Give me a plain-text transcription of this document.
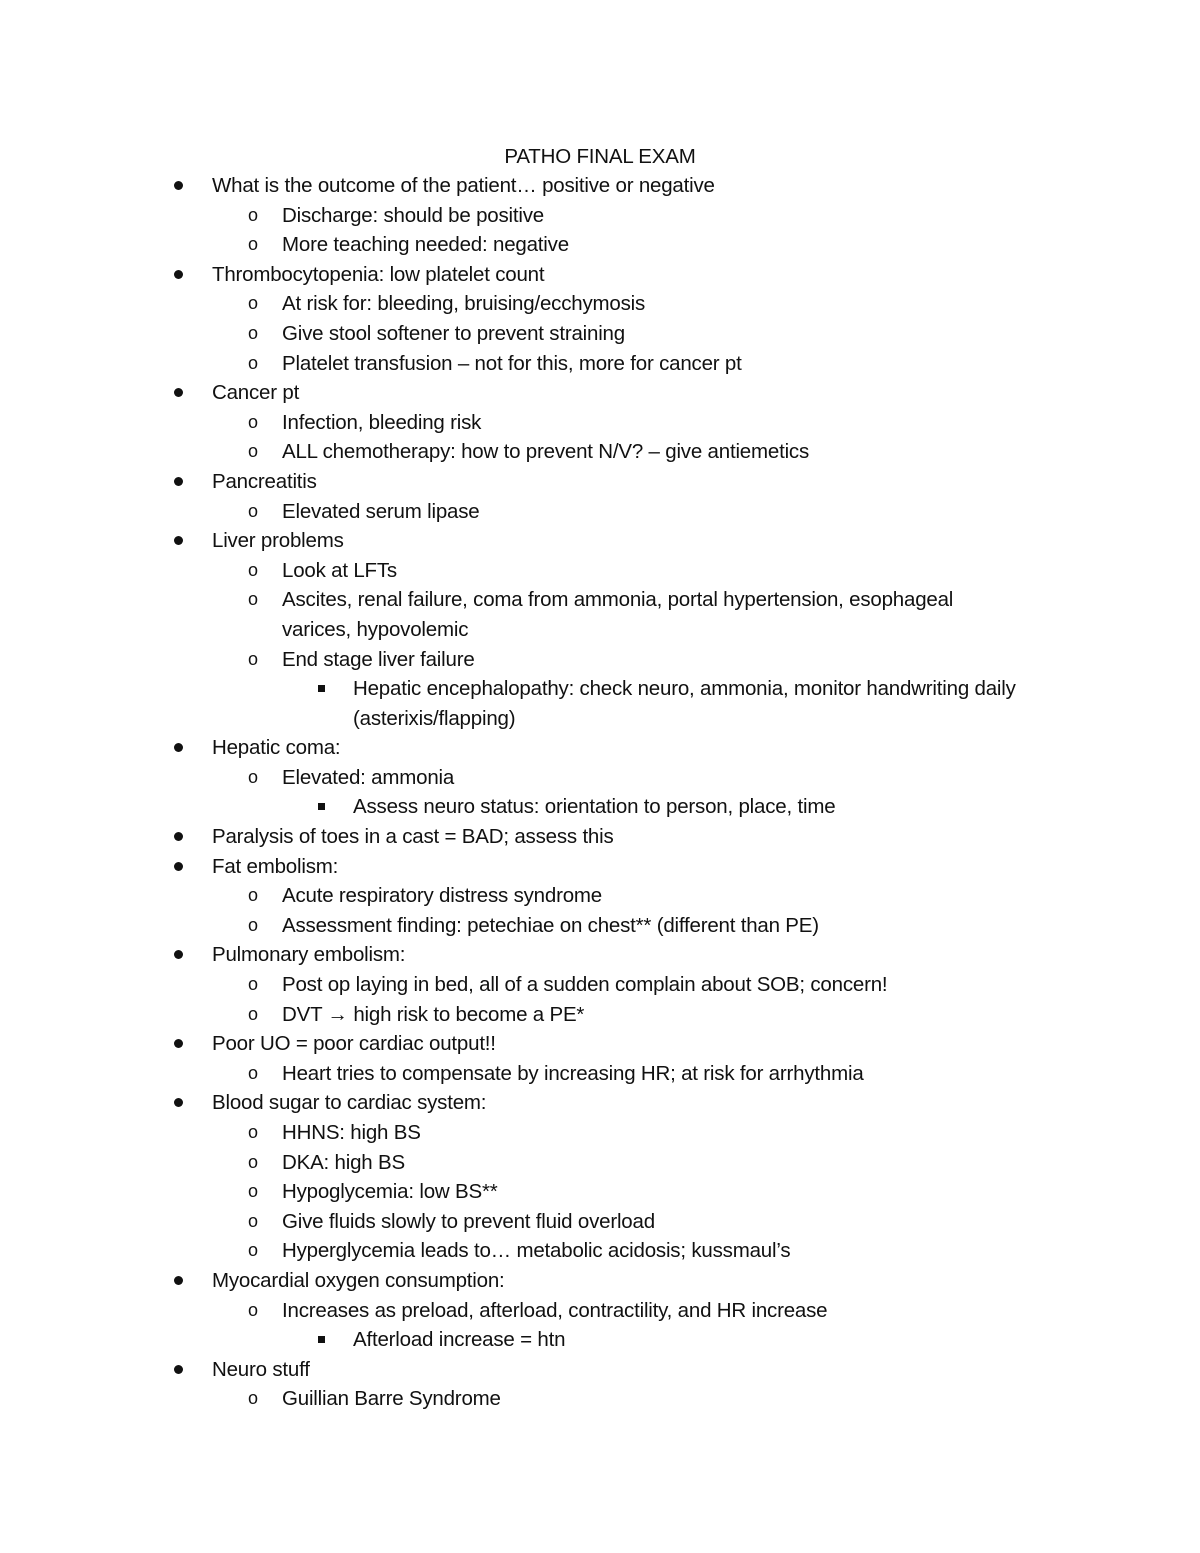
PATHO FINAL EXAM
What is the outcome of the patient… positive or negative
o Discharge: should be positive
o More teaching needed: negative
Thrombocytopenia: low platelet count
o At risk for: bleeding, bruising/ecchymosis
o Give stool softener to prevent straining
o Platelet transfusion – not for this, more for cancer pt
Cancer pt
o Infection, bleeding risk
o ALL chemotherapy: how to prevent N/V? – give antiemetics
Pancreatitis
o Elevated serum lipase
Liver problems
o Look at LFTs
o Ascites, renal failure, coma from ammonia, portal hypertension, esophageal varices, hypovolemic
o End stage liver failure
Hepatic encephalopathy: check neuro, ammonia, monitor handwriting daily (asterixis/flapping)
Hepatic coma:
o Elevated: ammonia
Assess neuro status: orientation to person, place, time
Paralysis of toes in a cast = BAD; assess this
Fat embolism:
o Acute respiratory distress syndrome
o Assessment finding: petechiae on chest** (different than PE)
Pulmonary embolism:
o Post op laying in bed, all of a sudden complain about SOB; concern!
o DVT → high risk to become a PE*
Poor UO = poor cardiac output!!
o Heart tries to compensate by increasing HR; at risk for arrhythmia
Blood sugar to cardiac system:
o HHNS: high BS
o DKA: high BS
o Hypoglycemia: low BS**
o Give fluids slowly to prevent fluid overload
o Hyperglycemia leads to… metabolic acidosis; kussmaul’s
Myocardial oxygen consumption:
o Increases as preload, afterload, contractility, and HR increase
Afterload increase = htn
Neuro stuff
o Guillian Barre Syndrome
